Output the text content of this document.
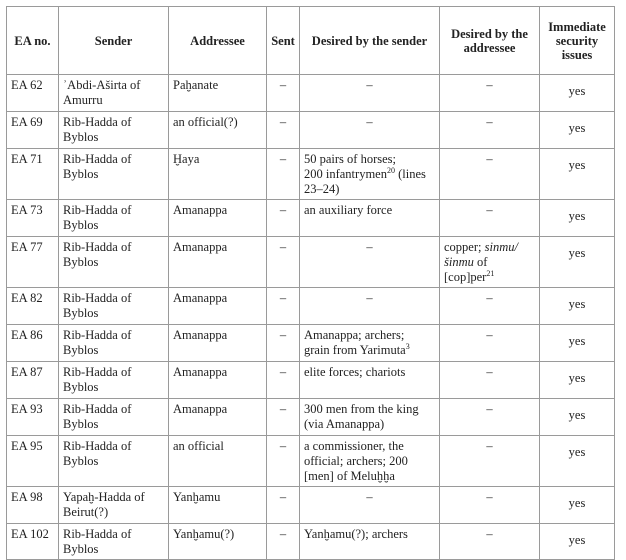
EA no.	Sender	Addressee	Sent	Desired by the sender	Desired by the addressee	Immediate security issues
EA 62	ʾAbdi-Aširta of
Amurru	Paḫanate	–	–	–	yes
EA 69	Rib-Hadda of
Byblos	an official(?)	–	–	–	yes
EA 71	Rib-Hadda of
Byblos	Ḫaya	–	50 pairs of horses;
200 infantrymen$^{20}$ (lines
23–24)	–	yes
EA 73	Rib-Hadda of
Byblos	Amanappa	–	an auxiliary force	–	yes
EA 77	Rib-Hadda of
Byblos	Amanappa	–	–	copper; sinmu/
šinmu of [cop]per$^{21}$	yes
EA 82	Rib-Hadda of
Byblos	Amanappa	–	–	–	yes
EA 86	Rib-Hadda of
Byblos	Amanappa	–	Amanappa; archers;
grain from Yarimuta$^3$	–	yes
EA 87	Rib-Hadda of
Byblos	Amanappa	–	elite forces; chariots	–	yes
EA 93	Rib-Hadda of
Byblos	Amanappa	–	300 men from the king
(via Amanappa)	–	yes
EA 95	Rib-Hadda of
Byblos	an official	–	a commissioner, the
official; archers; 200
[men] of Meluḫḫa	–	yes
EA 98	Yapaḫ-Hadda of
Beirut(?)	Yanḫamu	–	–	–	yes
EA 102	Rib-Hadda of
Byblos	Yanḫamu(?)	–	Yanḫamu(?); archers	–	yes
